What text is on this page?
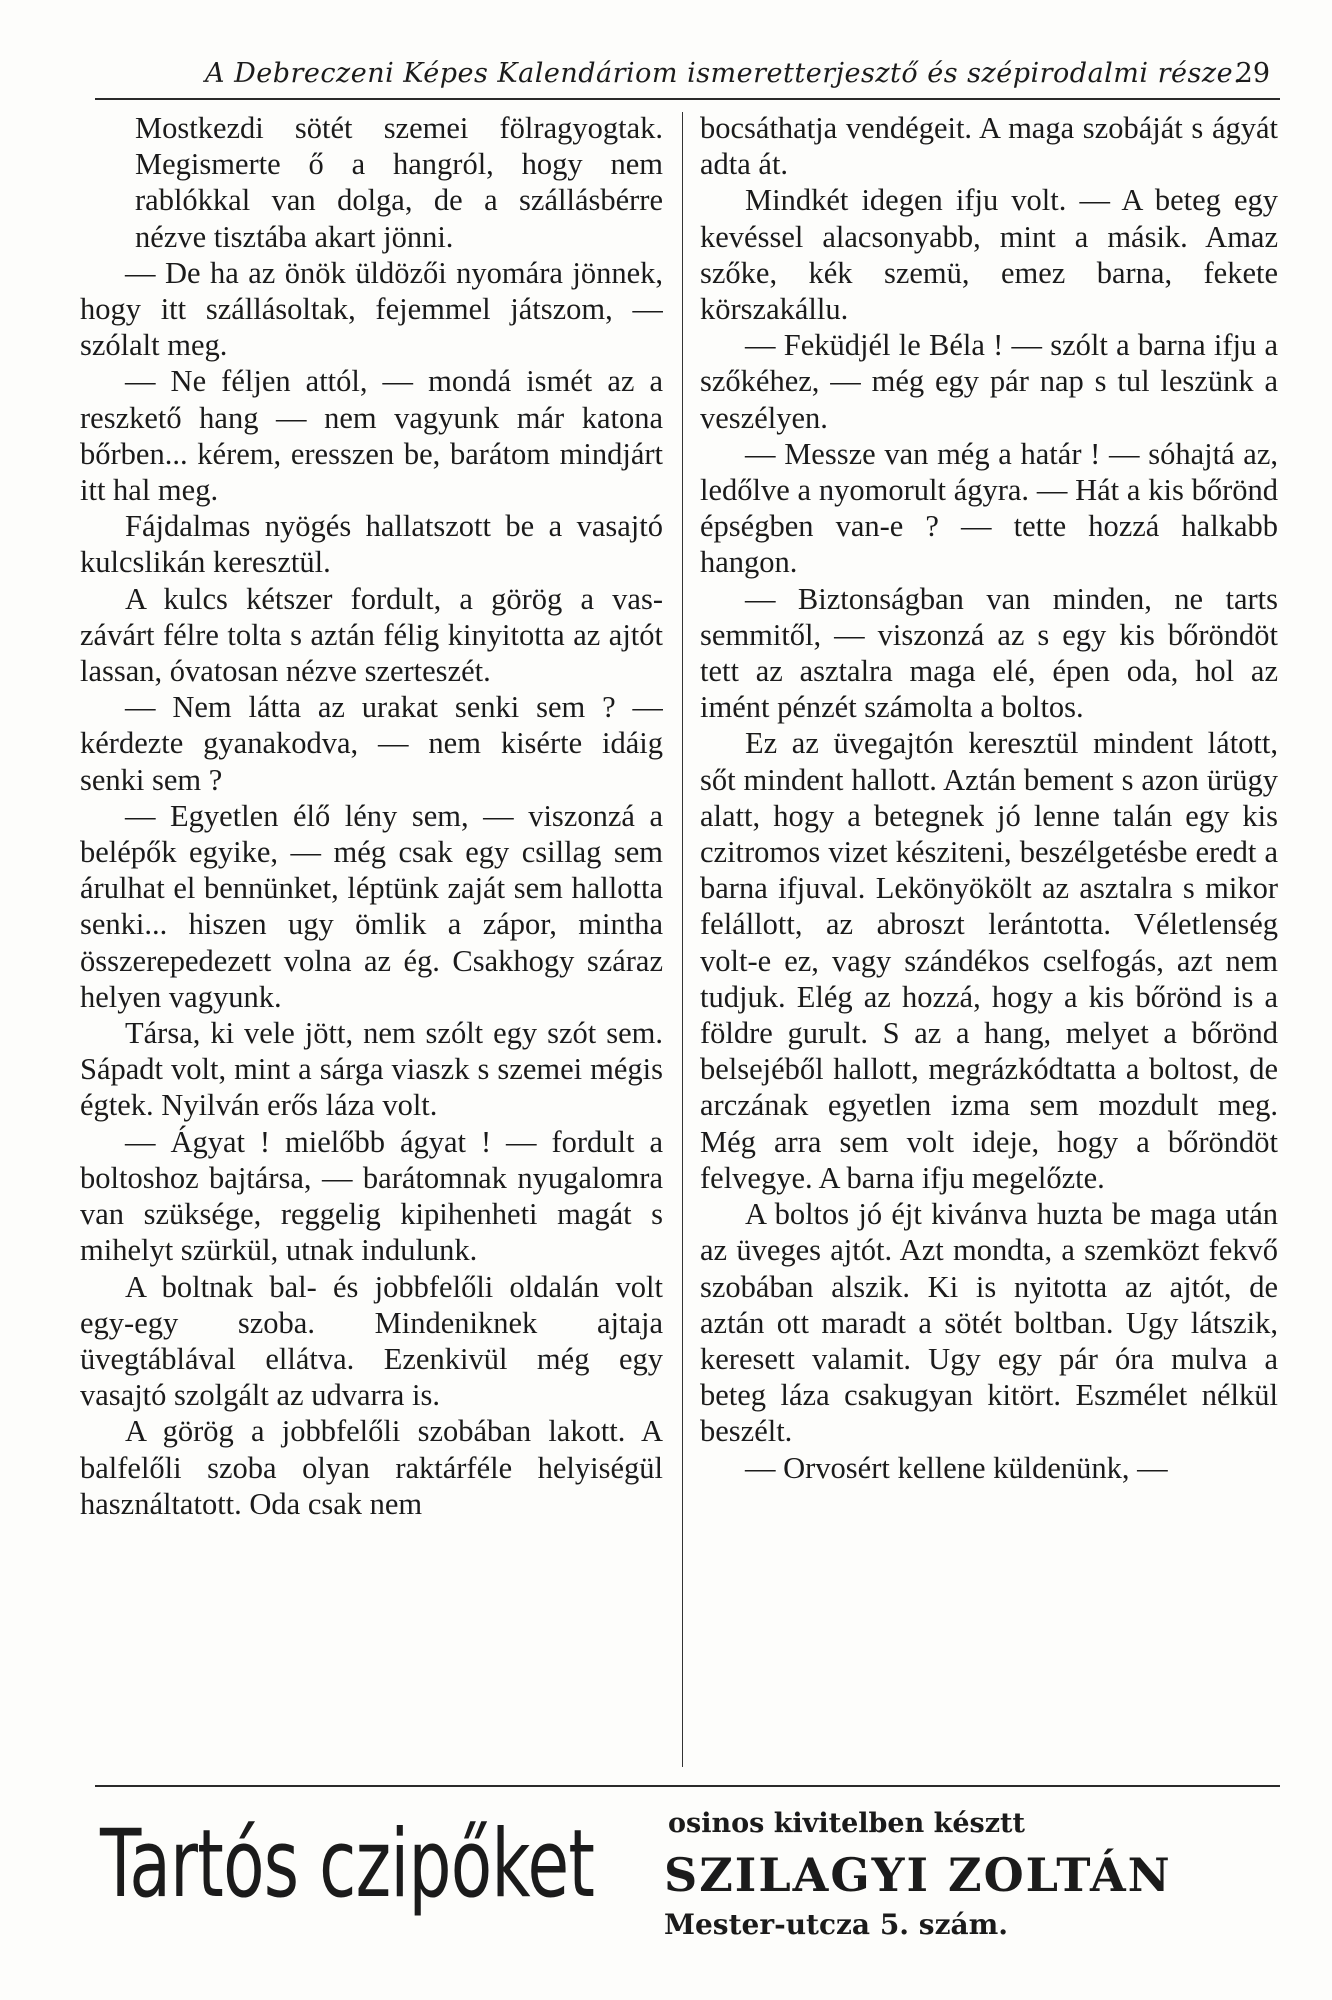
A Debreczeni Képes Kalendáriom ismeretterjesztő és szépirodalmi része.
29

Mostkezdi sötét szemei fölragyogtak. Megismerte ő a hangról, hogy nem rablókkal van dolga, de a szállásbérre nézve tisztába akart jönni.

— De ha az önök üldözői nyomára jönnek, hogy itt szállásoltak, fejemmel játszom, — szólalt meg.

— Ne féljen attól, — mondá ismét az a reszkető hang — nem vagyunk már katona bőrben... kérem, eresszen be, barátom mindjárt itt hal meg.

Fájdalmas nyögés hallatszott be a vasajtó kulcslikán keresztül.

A kulcs kétszer fordult, a görög a vas-závárt félre tolta s aztán félig kinyitotta az ajtót lassan, óvatosan nézve szerteszét.

— Nem látta az urakat senki sem ? — kérdezte gyanakodva, — nem kisérte idáig senki sem ?

— Egyetlen élő lény sem, — viszonzá a belépők egyike, — még csak egy csillag sem árulhat el bennünket, léptünk zaját sem hallotta senki... hiszen ugy ömlik a zápor, mintha összerepedezett volna az ég. Csakhogy száraz helyen vagyunk.

Társa, ki vele jött, nem szólt egy szót sem. Sápadt volt, mint a sárga viaszk s szemei mégis égtek. Nyilván erős láza volt.

— Ágyat ! mielőbb ágyat ! — fordult a boltoshoz bajtársa, — barátomnak nyugalomra van szüksége, reggelig kipihenheti magát s mihelyt szürkül, utnak indulunk.

A boltnak bal- és jobbfelőli oldalán volt egy-egy szoba. Mindeniknek ajtaja üvegtáblával ellátva. Ezenkivül még egy vasajtó szolgált az udvarra is.

A görög a jobbfelőli szobában lakott. A balfelőli szoba olyan raktárféle helyiségül használtatott. Oda csak nem

bocsáthatja vendégeit. A maga szobáját s ágyát adta át.

Mindkét idegen ifju volt. — A beteg egy kevéssel alacsonyabb, mint a másik. Amaz szőke, kék szemü, emez barna, fekete körszakállu.

— Feküdjél le Béla ! — szólt a barna ifju a szőkéhez, — még egy pár nap s tul leszünk a veszélyen.

— Messze van még a határ ! — sóhajtá az, ledőlve a nyomorult ágyra. — Hát a kis bőrönd épségben van-e ? — tette hozzá halkabb hangon.

— Biztonságban van minden, ne tarts semmitől, — viszonzá az s egy kis bőröndöt tett az asztalra maga elé, épen oda, hol az imént pénzét számolta a boltos.

Ez az üvegajtón keresztül mindent látott, sőt mindent hallott. Aztán bement s azon ürügy alatt, hogy a betegnek jó lenne talán egy kis czitromos vizet késziteni, beszélgetésbe eredt a barna ifjuval. Lekönyökölt az asztalra s mikor felállott, az abroszt lerántotta. Véletlenség volt-e ez, vagy szándékos cselfogás, azt nem tudjuk. Elég az hozzá, hogy a kis bőrönd is a földre gurult. S az a hang, melyet a bőrönd belsejéből hallott, megrázkódtatta a boltost, de arczának egyetlen izma sem mozdult meg. Még arra sem volt ideje, hogy a bőröndöt felvegye. A barna ifju megelőzte.

A boltos jó éjt kivánva huzta be maga után az üveges ajtót. Azt mondta, a szemközt fekvő szobában alszik. Ki is nyitotta az ajtót, de aztán ott maradt a sötét boltban. Ugy látszik, keresett valamit. Ugy egy pár óra mulva a beteg láza csakugyan kitört. Eszmélet nélkül beszélt.

— Orvosért kellene küldenünk, —

Tartós czipőket	osinos kivitelben késztt
SZILAGYI ZOLTÁN
Mester-utcza 5. szám.
